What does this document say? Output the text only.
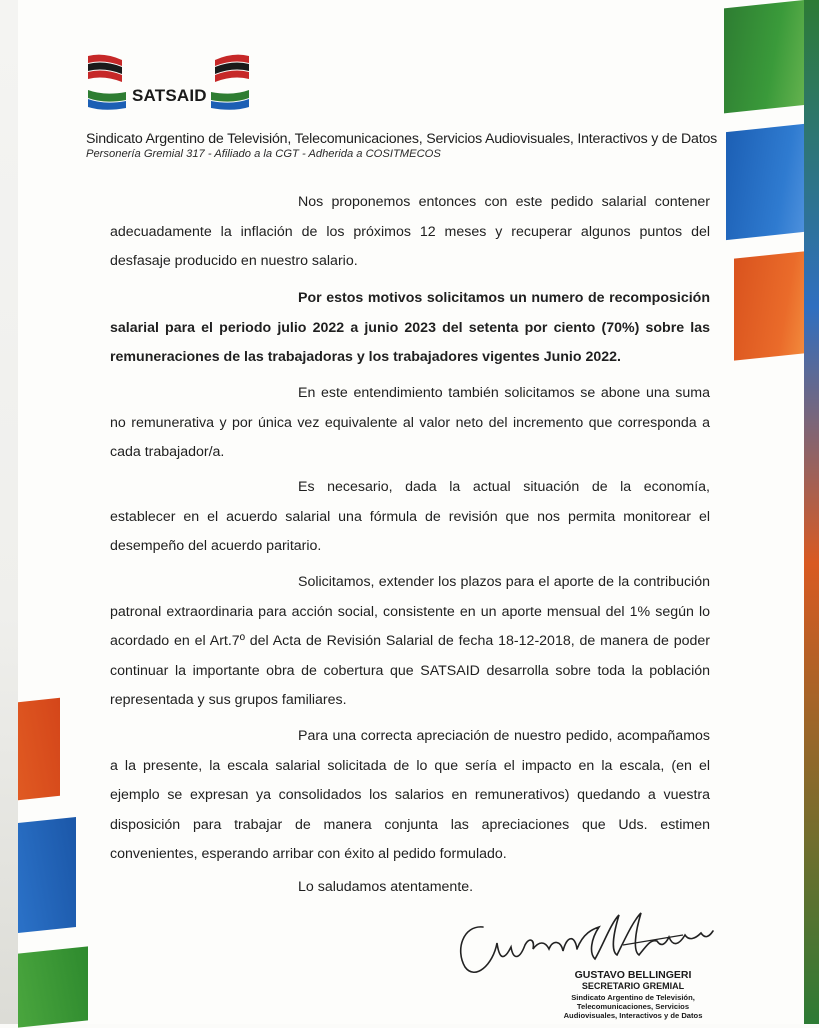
SATSAID
Sindicato Argentino de Televisión, Telecomunicaciones, Servicios Audiovisuales, Interactivos y de Datos
Personería Gremial 317 - Afiliado a la CGT - Adherida a COSITMECOS

Nos proponemos entonces con este pedido salarial contener adecuadamente la inflación de los próximos 12 meses y recuperar algunos puntos del desfasaje producido en nuestro salario.

Por estos motivos solicitamos un numero de recomposición salarial para el periodo julio 2022 a junio 2023 del setenta por ciento (70%) sobre las remuneraciones de las trabajadoras y los trabajadores vigentes Junio 2022.

En este entendimiento también solicitamos se abone una suma no remunerativa y por única vez equivalente al valor neto del incremento que corresponda a cada trabajador/a.

Es necesario, dada la actual situación de la economía, establecer en el acuerdo salarial una fórmula de revisión que nos permita monitorear el desempeño del acuerdo paritario.

Solicitamos, extender los plazos para el aporte de la contribución patronal extraordinaria para acción social, consistente en un aporte mensual del 1% según lo acordado en el Art.7º del Acta de Revisión Salarial de fecha 18-12-2018, de manera de poder continuar la importante obra de cobertura que SATSAID desarrolla sobre toda la población representada y sus grupos familiares.

Para una correcta apreciación de nuestro pedido, acompañamos a la presente, la escala salarial solicitada de lo que sería el impacto en la escala, (en el ejemplo se expresan ya consolidados los salarios en remunerativos) quedando a vuestra disposición para trabajar de manera conjunta las apreciaciones que Uds. estimen convenientes, esperando arribar con éxito al pedido formulado.

Lo saludamos atentamente.

GUSTAVO BELLINGERI
SECRETARIO GREMIAL
Sindicato Argentino de Televisión,
Telecomunicaciones, Servicios
Audiovisuales, Interactivos y de Datos
